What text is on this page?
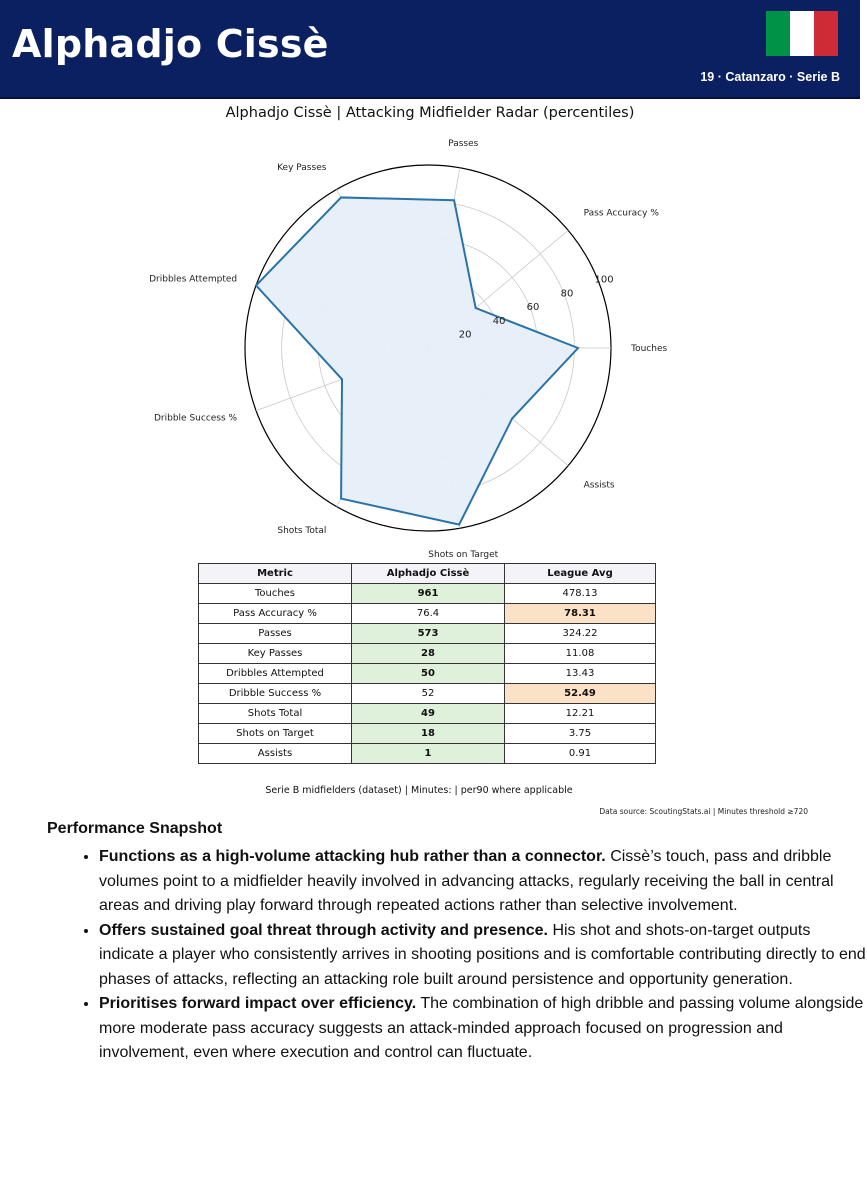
Alphadjo Cissè
19 · Catanzaro · Serie B
Alphadjo Cissè | Attacking Midfielder Radar (percentiles)
20
40
60
80
100
Touches
Pass Accuracy %
Passes
Key Passes
Dribbles Attempted
Dribble Success %
Shots Total
Shots on Target
Assists
Metric	Alphadjo Cissè	League Avg
Touches	961	478.13
Pass Accuracy %	76.4	78.31
Passes	573	324.22
Key Passes	28	11.08
Dribbles Attempted	50	13.43
Dribble Success %	52	52.49
Shots Total	49	12.21
Shots on Target	18	3.75
Assists	1	0.91
Serie B midfielders (dataset) | Minutes: | per90 where applicable
Data source: ScoutingStats.ai | Minutes threshold ≥720
Performance Snapshot
• Functions as a high-volume attacking hub rather than a connector. Cissè’s touch, pass and dribble volumes point to a midfielder heavily involved in advancing attacks, regularly receiving the ball in central areas and driving play forward through repeated actions rather than selective involvement.
• Offers sustained goal threat through activity and presence. His shot and shots-on-target outputs indicate a player who consistently arrives in shooting positions and is comfortable contributing directly to end phases of attacks, reflecting an attacking role built around persistence and opportunity generation.
• Prioritises forward impact over efficiency. The combination of high dribble and passing volume alongside more moderate pass accuracy suggests an attack-minded approach focused on progression and involvement, even where execution and control can fluctuate.
